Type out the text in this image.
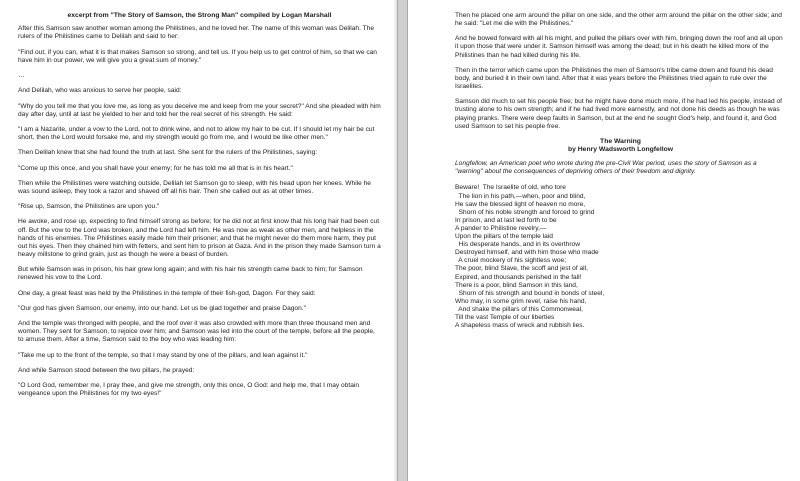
excerpt from "The Story of Samson, the Strong Man" compiled by Logan Marshall

After this Samson saw another woman among the Philistines, and he loved her. The name of this woman was Delilah. The rulers of the Philistines came to Delilah and said to her:

"Find out, if you can, what it is that makes Samson so strong, and tell us. If you help us to get control of him, so that we can have him in our power, we will give you a great sum of money."

…

And Delilah, who was anxious to serve her people, said:

"Why do you tell me that you love me, as long as you deceive me and keep from me your secret?" And she pleaded with him day after day, until at last he yielded to her and told her the real secret of his strength. He said:

"I am a Nazarite, under a vow to the Lord, not to drink wine, and not to allow my hair to be cut. If I should let my hair be cut short, then the Lord would forsake me, and my strength would go from me, and I would be like other men."

Then Delilah knew that she had found the truth at last. She sent for the rulers of the Philistines, saying:

"Come up this once, and you shall have your enemy; for he has told me all that is in his heart."

Then while the Philistines were watching outside, Delilah let Samson go to sleep, with his head upon her knees. While he was sound asleep, they took a razor and shaved off all his hair. Then she called out as at other times.

"Rise up, Samson, the Philistines are upon you."

He awoke, and rose up, expecting to find himself strong as before; for he did not at first know that his long hair had been cut off. But the vow to the Lord was broken, and the Lord had left him. He was now as weak as other men, and helpless in the hands of his enemies. The Philistines easily made him their prisoner; and that he might never do them more harm, they put out his eyes. Then they chained him with fetters, and sent him to prison at Gaza. And in the prison they made Samson turn a heavy millstone to grind grain, just as though he were a beast of burden.

But while Samson was in prison, his hair grew long again; and with his hair his strength came back to him; for Samson renewed his vow to the Lord.

One day, a great feast was held by the Philistines in the temple of their fish-god, Dagon. For they said:

"Our god has given Samson, our enemy, into our hand. Let us be glad together and praise Dagon."

And the temple was thronged with people, and the roof over it was also crowded with more than three thousand men and women. They sent for Samson, to rejoice over him; and Samson was led into the court of the temple, before all the people, to amuse them. After a time, Samson said to the boy who was leading him:

"Take me up to the front of the temple, so that I may stand by one of the pillars, and lean against it."

And while Samson stood between the two pillars, he prayed:

"O Lord God, remember me, I pray thee, and give me strength, only this once, O God: and help me, that I may obtain vengeance upon the Philistines for my two eyes!"

Then he placed one arm around the pillar on one side, and the other arm around the pillar on the other side; and he said: "Let me die with the Philistines."

And he bowed forward with all his might, and pulled the pillars over with him, bringing down the roof and all upon it upon those that were under it. Samson himself was among the dead; but in his death he killed more of the Philistines than he had killed during his life.

Then in the terror which came upon the Philistines the men of Samson's tribe came down and found his dead body, and buried it in their own land. After that it was years before the Philistines tried again to rule over the Israelites.

Samson did much to set his people free; but he might have done much more, if he had led his people, instead of trusting alone to his own strength; and if he had lived more earnestly, and not done his deeds as though he was playing pranks. There were deep faults in Samson, but at the end he sought God's help, and found it, and God used Samson to set his people free.

The Warning
by Henry Wadsworth Longfellow

Longfellow, an American poet who wrote during the pre-Civil War period, uses the story of Samson as a "warning" about the consequences of depriving others of their freedom and dignity.

Beware!  The Israelite of old, who tore
The lion in his path,—when, poor and blind,
He saw the blessed light of heaven no more,
Shorn of his noble strength and forced to grind
In prison, and at last led forth to be
A pander to Philistine revelry,—
Upon the pillars of the temple laid
His desperate hands, and in its overthrow
Destroyed himself, and with him those who made
A cruel mockery of his sightless woe;
The poor, blind Slave, the scoff and jest of all,
Expired, and thousands perished in the fall!
There is a poor, blind Samson in this land,
Shorn of his strength and bound in bonds of steel,
Who may, in some grim revel, raise his hand,
And shake the pillars of this Commonweal,
Till the vast Temple of our liberties
A shapeless mass of wreck and rubbish lies.
